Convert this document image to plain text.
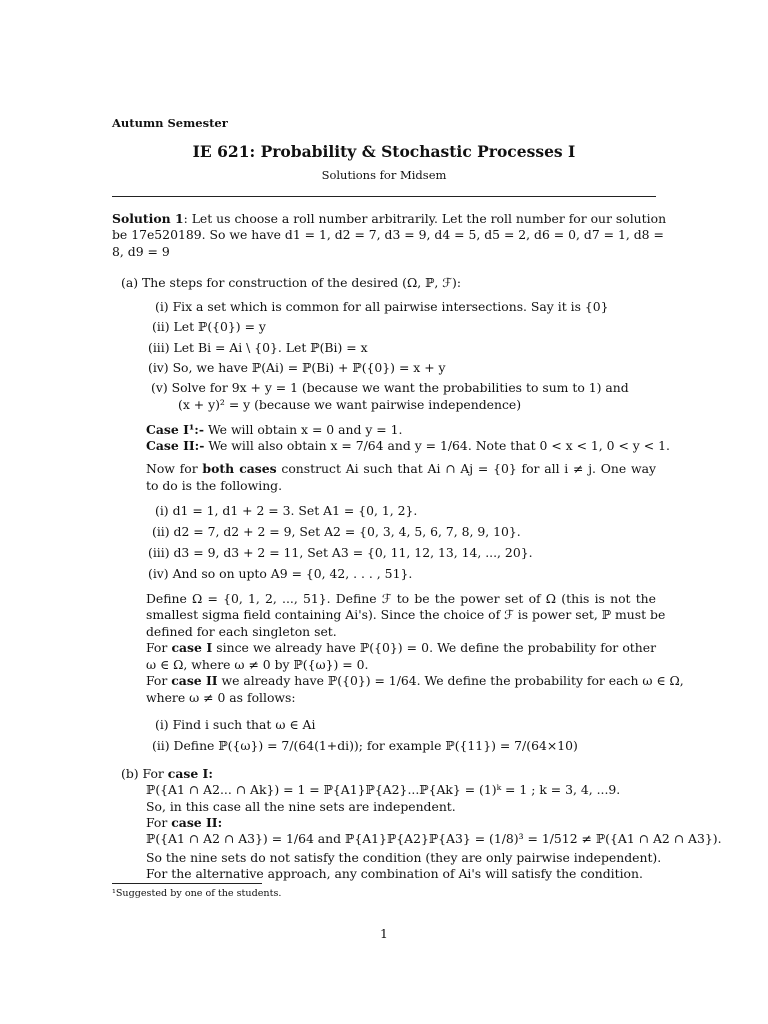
Autumn Semester
IE 621: Probability & Stochastic Processes I
Solutions for Midsem
Solution 1: Let us choose a roll number arbitrarily. Let the roll number for our solution
be 17e520189. So we have d1 = 1, d2 = 7, d3 = 9, d4 = 5, d5 = 2, d6 = 0, d7 = 1, d8 =
8, d9 = 9
(a) The steps for construction of the desired (Ω, ℙ, ℱ):
(i) Fix a set which is common for all pairwise intersections. Say it is {0}
(ii) Let ℙ({0}) = y
(iii) Let Bi = Ai \ {0}. Let ℙ(Bi) = x
(iv) So, we have ℙ(Ai) = ℙ(Bi) + ℙ({0}) = x + y
(v) Solve for 9x + y = 1 (because we want the probabilities to sum to 1) and
(x + y)² = y (because we want pairwise independence)
Case I¹:- We will obtain x = 0 and y = 1.
Case II:- We will also obtain x = 7/64 and y = 1/64. Note that 0 < x < 1, 0 < y < 1.
Now for both cases construct Ai such that Ai ∩ Aj = {0} for all i ≠ j. One way
to do is the following.
(i) d1 = 1, d1 + 2 = 3. Set A1 = {0, 1, 2}.
(ii) d2 = 7, d2 + 2 = 9, Set A2 = {0, 3, 4, 5, 6, 7, 8, 9, 10}.
(iii) d3 = 9, d3 + 2 = 11, Set A3 = {0, 11, 12, 13, 14, ..., 20}.
(iv) And so on upto A9 = {0, 42, . . . , 51}.
Define Ω = {0, 1, 2, ..., 51}. Define ℱ to be the power set of Ω (this is not the
smallest sigma field containing Ai's). Since the choice of ℱ is power set, ℙ must be
defined for each singleton set.
For case I since we already have ℙ({0}) = 0. We define the probability for other
ω ∈ Ω, where ω ≠ 0 by ℙ({ω}) = 0.
For case II we already have ℙ({0}) = 1/64. We define the probability for each ω ∈ Ω,
where ω ≠ 0 as follows:
(i) Find i such that ω ∈ Ai
(ii) Define ℙ({ω}) = 7/(64(1+di)); for example ℙ({11}) = 7/(64×10)
(b) For case I:
ℙ({A1 ∩ A2... ∩ Ak}) = 1 = ℙ{A1}ℙ{A2}...ℙ{Ak} = (1)ᵏ = 1 ; k = 3, 4, ...9.
So, in this case all the nine sets are independent.
For case II:
ℙ({A1 ∩ A2 ∩ A3}) = 1/64 and ℙ{A1}ℙ{A2}ℙ{A3} = (1/8)³ = 1/512 ≠ ℙ({A1 ∩ A2 ∩ A3}).
So the nine sets do not satisfy the condition (they are only pairwise independent).
For the alternative approach, any combination of Ai's will satisfy the condition.
¹Suggested by one of the students.
1
